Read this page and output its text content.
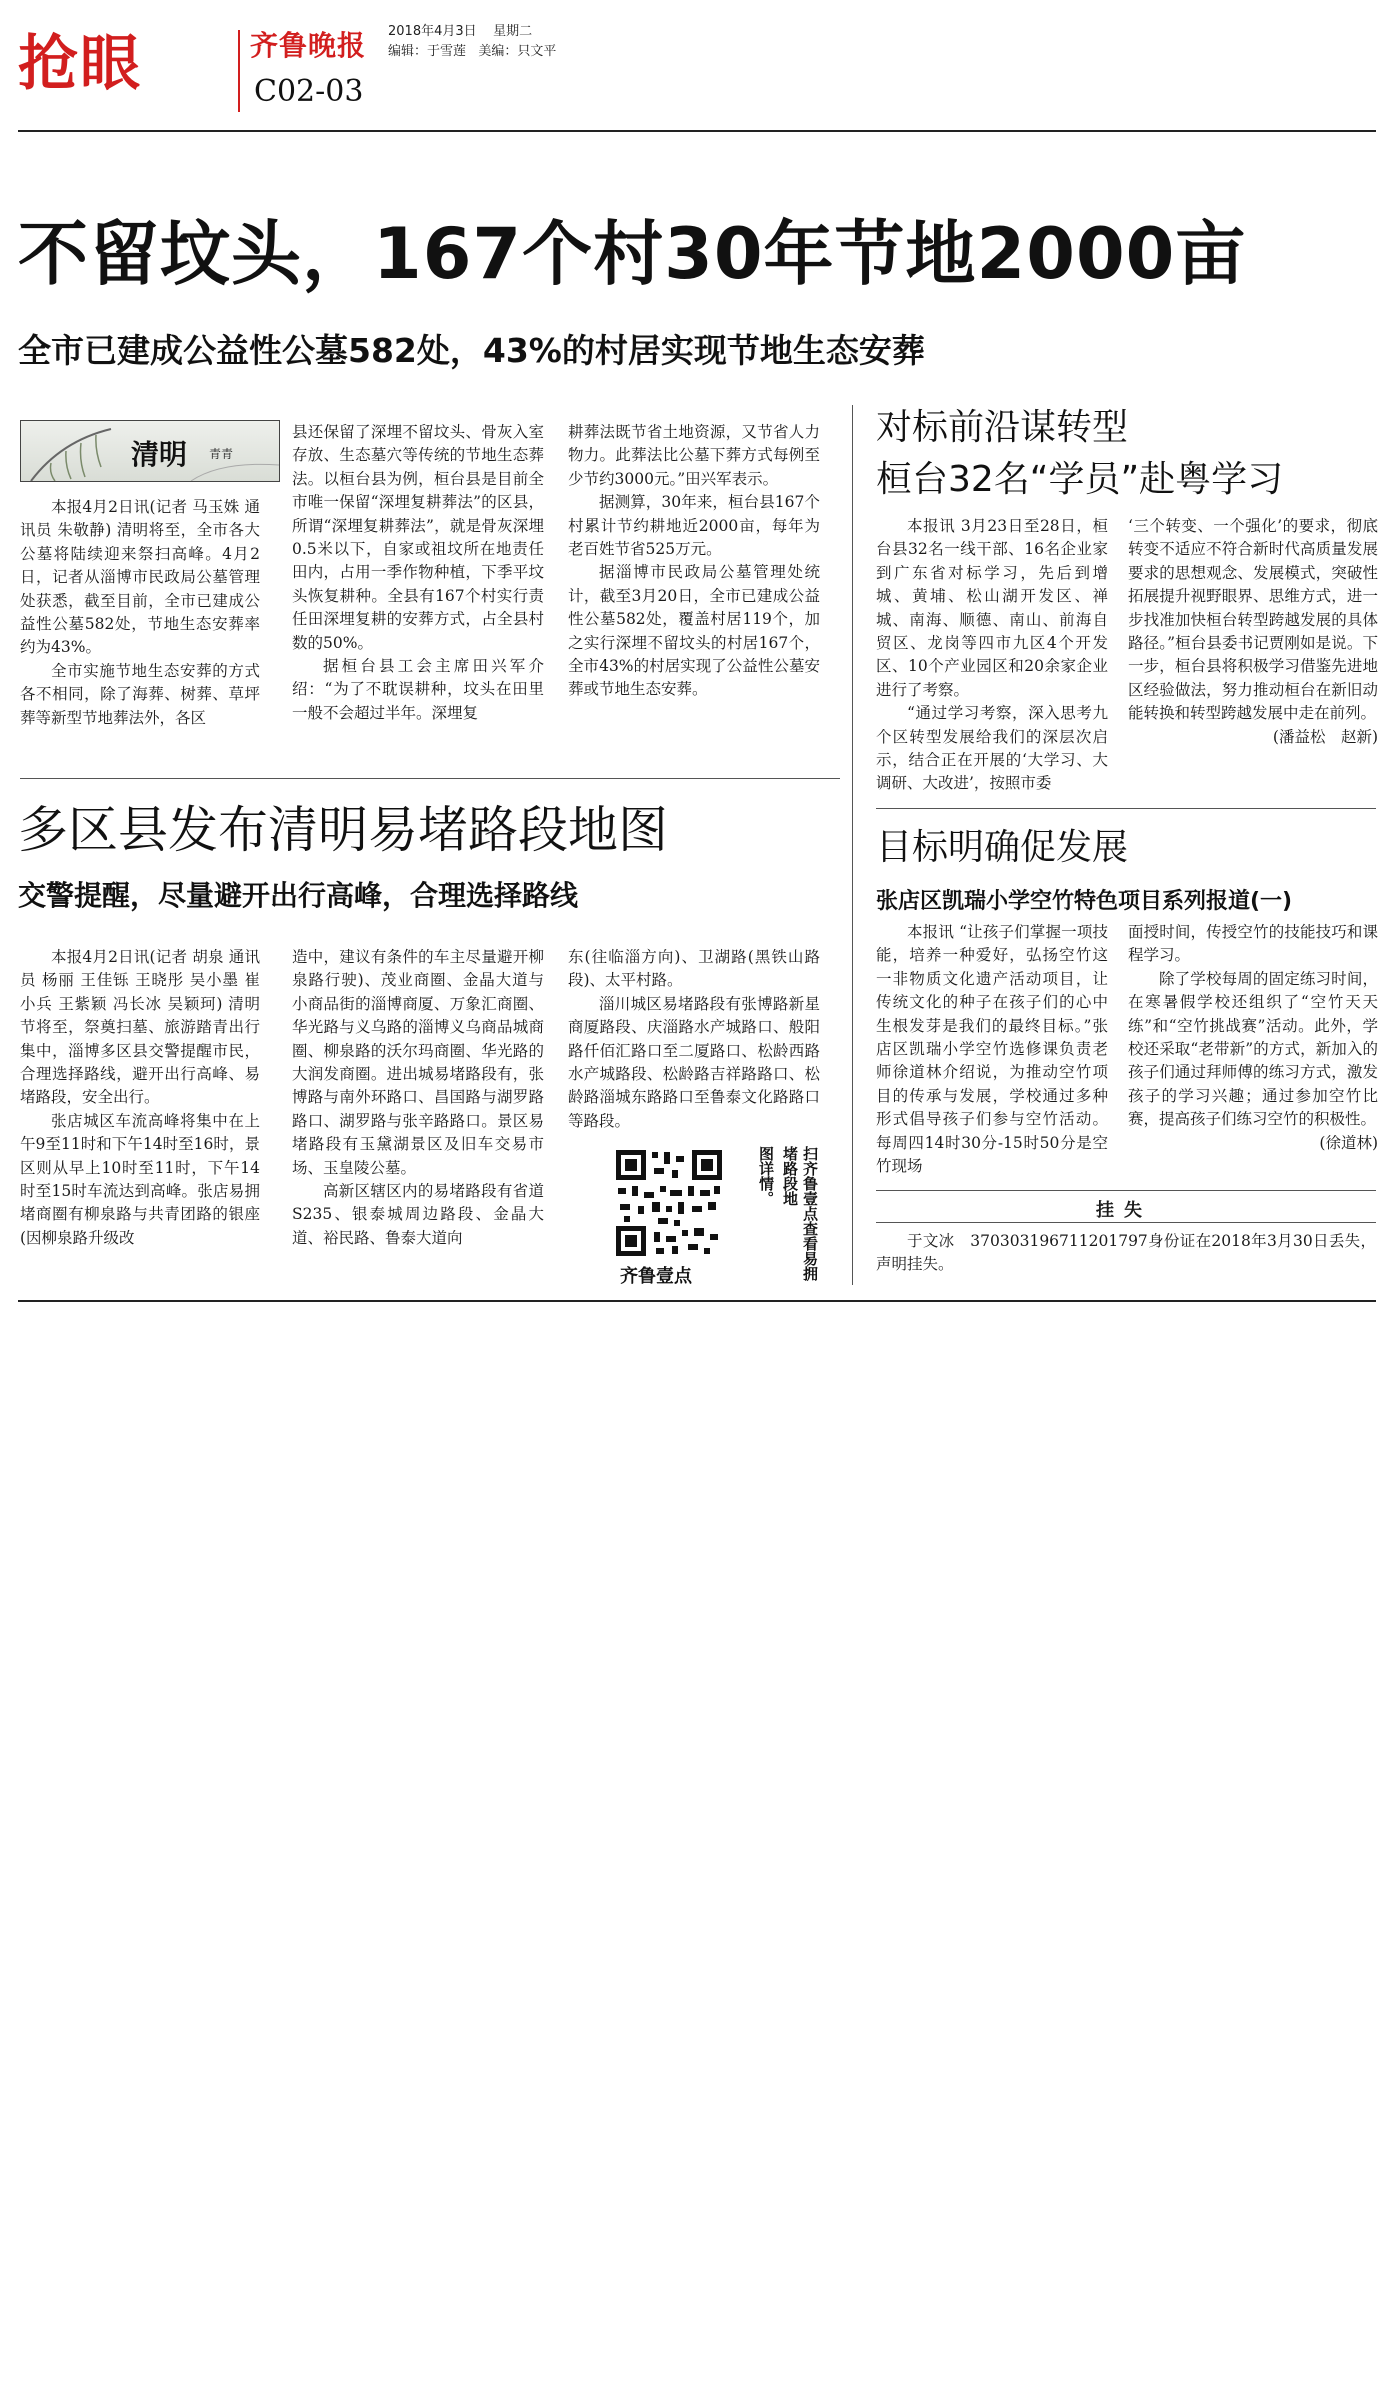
抢眼	齐鲁晚报 2018年4月3日 星期二
编辑：于雪莲 美编：只文平
C02-03
不留坟头，167个村30年节地2000亩
全市已建成公益性公墓582处，43%的村居实现节地生态安葬
清明 青青

本报4月2日讯(记者 马玉姝 通讯员 朱敬静) 清明将至，全市各大公墓将陆续迎来祭扫高峰。4月2日，记者从淄博市民政局公墓管理处获悉，截至目前，全市已建成公益性公墓582处，节地生态安葬率约为43%。

全市实施节地生态安葬的方式各不相同，除了海葬、树葬、草坪葬等新型节地葬法外，各区

县还保留了深埋不留坟头、骨灰入室存放、生态墓穴等传统的节地生态葬法。以桓台县为例，桓台县是目前全市唯一保留“深埋复耕葬法”的区县，所谓“深埋复耕葬法”，就是骨灰深埋0.5米以下，自家或祖坟所在地责任田内，占用一季作物种植，下季平坟头恢复耕种。全县有167个村实行责任田深埋复耕的安葬方式，占全县村数的50%。

据桓台县工会主席田兴军介绍：“为了不耽误耕种，坟头在田里一般不会超过半年。深埋复

耕葬法既节省土地资源，又节省人力物力。此葬法比公墓下葬方式每例至少节约3000元。”田兴军表示。

据测算，30年来，桓台县167个村累计节约耕地近2000亩，每年为老百姓节省525万元。

据淄博市民政局公墓管理处统计，截至3月20日，全市已建成公益性公墓582处，覆盖村居119个，加之实行深埋不留坟头的村居167个，全市43%的村居实现了公益性公墓安葬或节地生态安葬。

对标前沿谋转型
桓台32名“学员”赴粤学习

本报讯 3月23日至28日，桓台县32名一线干部、16名企业家到广东省对标学习，先后到增城、黄埔、松山湖开发区、禅城、南海、顺德、南山、前海自贸区、龙岗等四市九区4个开发区、10个产业园区和20余家企业进行了考察。

“通过学习考察，深入思考九个区转型发展给我们的深层次启示，结合正在开展的‘大学习、大调研、大改进’，按照市委

‘三个转变、一个强化’的要求，彻底转变不适应不符合新时代高质量发展要求的思想观念、发展模式，突破性拓展提升视野眼界、思维方式，进一步找准加快桓台转型跨越发展的具体路径。”桓台县委书记贾刚如是说。下一步，桓台县将积极学习借鉴先进地区经验做法，努力推动桓台在新旧动能转换和转型跨越发展中走在前列。

(潘益松　赵新)
多区县发布清明易堵路段地图
交警提醒，尽量避开出行高峰，合理选择路线

本报4月2日讯(记者 胡泉 通讯员 杨丽 王佳铄 王晓彤 吴小墨 崔小兵 王紫颖 冯长冰 吴颖珂) 清明节将至，祭奠扫墓、旅游踏青出行集中，淄博多区县交警提醒市民，合理选择路线，避开出行高峰、易堵路段，安全出行。

张店城区车流高峰将集中在上午9至11时和下午14时至16时，景区则从早上10时至11时，下午14时至15时车流达到高峰。张店易拥堵商圈有柳泉路与共青团路的银座(因柳泉路升级改

造中，建议有条件的车主尽量避开柳泉路行驶)、茂业商圈、金晶大道与小商品街的淄博商厦、万象汇商圈、华光路与义乌路的淄博义乌商品城商圈、柳泉路的沃尔玛商圈、华光路的大润发商圈。进出城易堵路段有，张博路与南外环路口、昌国路与湖罗路路口、湖罗路与张辛路路口。景区易堵路段有玉黛湖景区及旧车交易市场、玉皇陵公墓。

高新区辖区内的易堵路段有省道S235、银泰城周边路段、金晶大道、裕民路、鲁泰大道向

东(往临淄方向)、卫湖路(黑铁山路段)、太平村路。

淄川城区易堵路段有张博路新星商厦路段、庆淄路水产城路口、般阳路仟佰汇路口至二厦路口、松龄西路水产城路段、松龄路吉祥路路口、松龄路淄城东路路口至鲁泰文化路路口等路段。

齐鲁壹点	扫齐鲁壹点查看易拥堵路段地
图详情。
目标明确促发展
张店区凯瑞小学空竹特色项目系列报道(一)

本报讯 “让孩子们掌握一项技能，培养一种爱好，弘扬空竹这一非物质文化遗产活动项目，让传统文化的种子在孩子们的心中生根发芽是我们的最终目标。”张店区凯瑞小学空竹选修课负责老师徐道林介绍说，为推动空竹项目的传承与发展，学校通过多种形式倡导孩子们参与空竹活动。每周四14时30分-15时50分是空竹现场

面授时间，传授空竹的技能技巧和课程学习。

除了学校每周的固定练习时间，在寒暑假学校还组织了“空竹天天练”和“空竹挑战赛”活动。此外，学校还采取“老带新”的方式，新加入的孩子们通过拜师傅的练习方式，激发孩子的学习兴趣；通过参加空竹比赛，提高孩子们练习空竹的积极性。

(徐道林)
挂失

于文冰　370303196711201797身份证在2018年3月30日丢失，声明挂失。
